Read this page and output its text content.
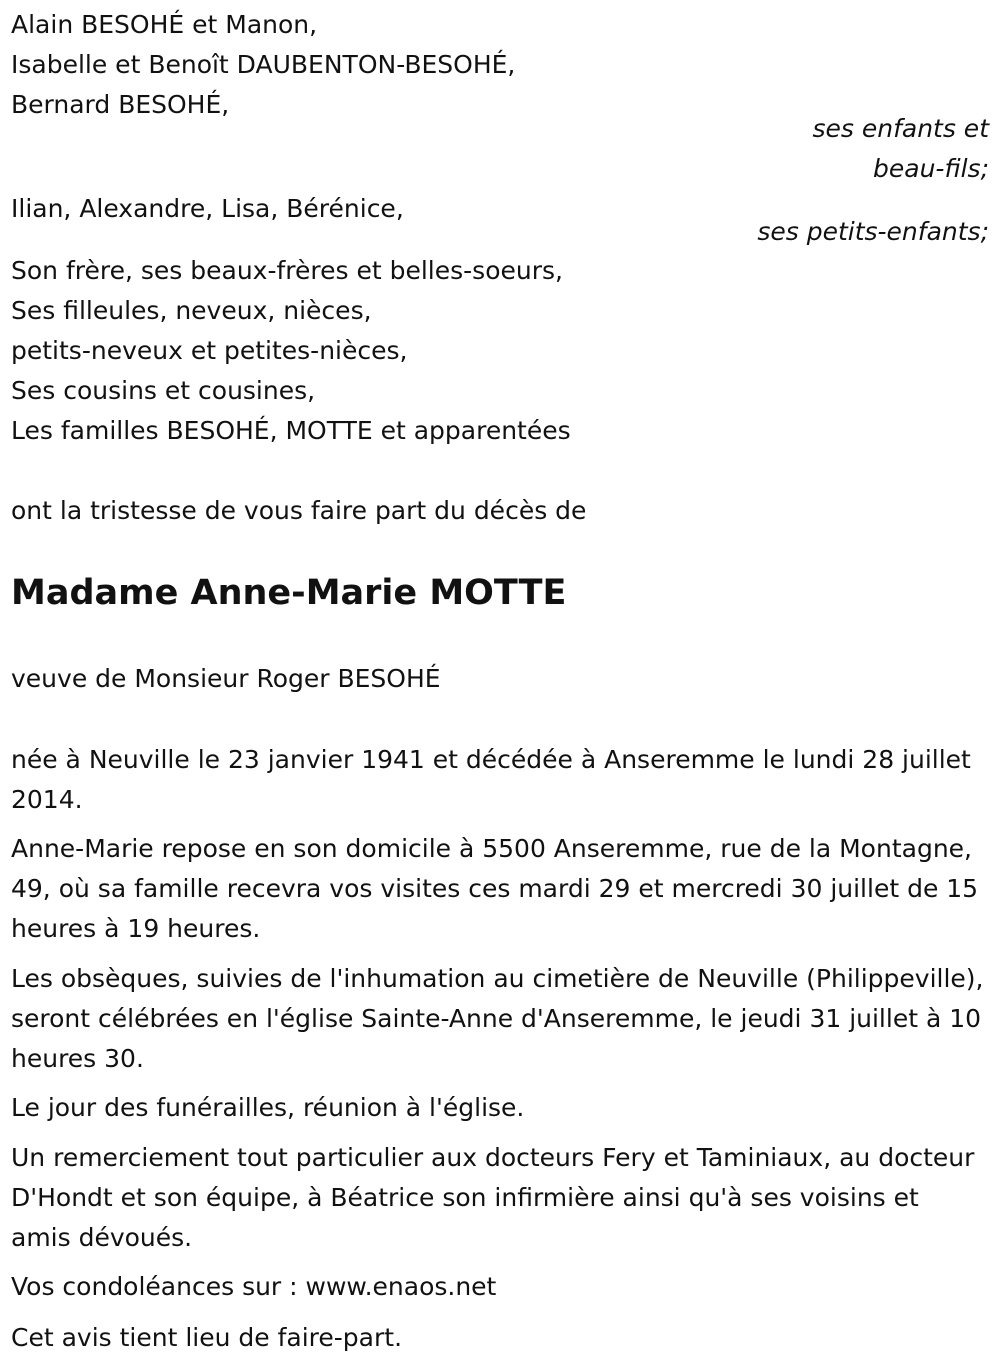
Alain BESOHÉ et Manon,
Isabelle et Benoît DAUBENTON-BESOHÉ,
Bernard BESOHÉ,
ses enfants et
beau-fils;
Ilian, Alexandre, Lisa, Bérénice,
ses petits-enfants;
Son frère, ses beaux-frères et belles-soeurs,
Ses filleules, neveux, nièces,
petits-neveux et petites-nièces,
Ses cousins et cousines,
Les familles BESOHÉ, MOTTE et apparentées
ont la tristesse de vous faire part du décès de
Madame Anne-Marie MOTTE
veuve de Monsieur Roger BESOHÉ
née à Neuville le 23 janvier 1941 et décédée à Anseremme le lundi 28 juillet 2014.
Anne-Marie repose en son domicile à 5500 Anseremme, rue de la Montagne, 49, où sa famille recevra vos visites ces mardi 29 et mercredi 30 juillet de 15 heures à 19 heures.
Les obsèques, suivies de l'inhumation au cimetière de Neuville (Philippeville), seront célébrées en l'église Sainte-Anne d'Anseremme, le jeudi 31 juillet à 10 heures 30.
Le jour des funérailles, réunion à l'église.
Un remerciement tout particulier aux docteurs Fery et Taminiaux, au docteur D'Hondt et son équipe, à Béatrice son infirmière ainsi qu'à ses voisins et amis dévoués.
Vos condoléances sur : www.enaos.net
Cet avis tient lieu de faire-part.
